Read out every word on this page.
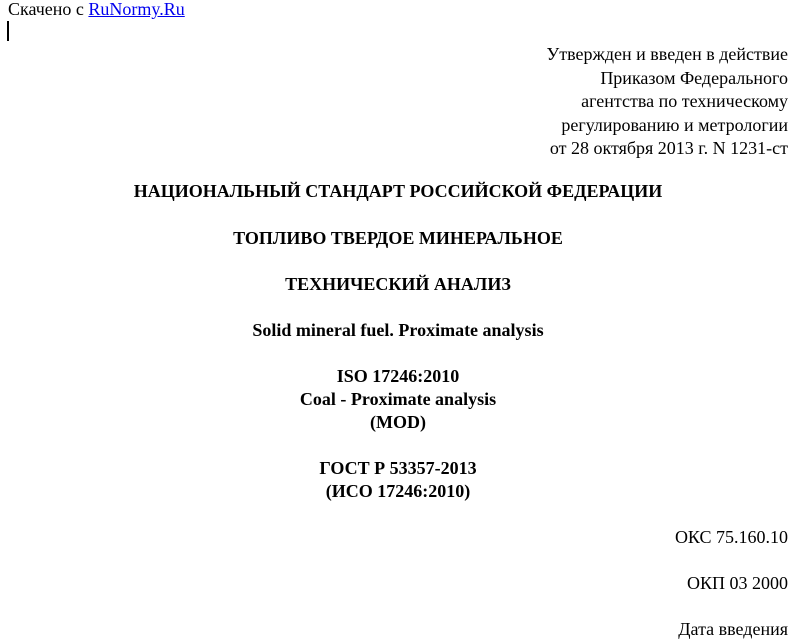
Скачено с RuNormy.Ru
Утвержден и введен в действие
Приказом Федерального
агентства по техническому
регулированию и метрологии
от 28 октября 2013 г. N 1231-ст
НАЦИОНАЛЬНЫЙ СТАНДАРТ РОССИЙСКОЙ ФЕДЕРАЦИИ
ТОПЛИВО ТВЕРДОЕ МИНЕРАЛЬНОЕ
ТЕХНИЧЕСКИЙ АНАЛИЗ
Solid mineral fuel. Proximate analysis
ISO 17246:2010
Coal - Proximate analysis
(MOD)
ГОСТ Р 53357-2013
(ИСО 17246:2010)
ОКС 75.160.10
ОКП 03 2000
Дата введения
